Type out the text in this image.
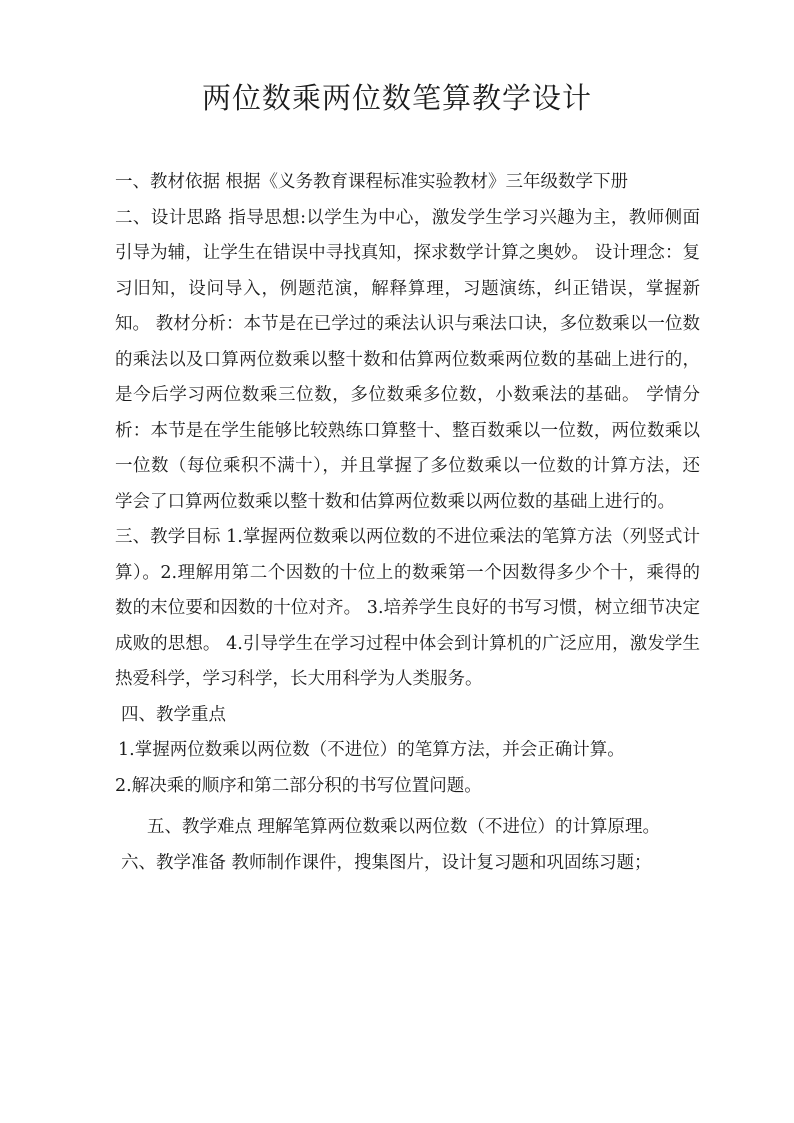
两位数乘两位数笔算教学设计

一、教材依据 根据《义务教育课程标准实验教材》三年级数学下册

二、设计思路 指导思想:以学生为中心，激发学生学习兴趣为主，教师侧面引导为辅，让学生在错误中寻找真知，探求数学计算之奥妙。 设计理念：复习旧知，设问导入，例题范演，解释算理，习题演练，纠正错误，掌握新知。 教材分析：本节是在已学过的乘法认识与乘法口诀，多位数乘以一位数的乘法以及口算两位数乘以整十数和估算两位数乘两位数的基础上进行的，是今后学习两位数乘三位数，多位数乘多位数，小数乘法的基础。 学情分析：本节是在学生能够比较熟练口算整十、整百数乘以一位数，两位数乘以一位数（每位乘积不满十），并且掌握了多位数乘以一位数的计算方法，还学会了口算两位数乘以整十数和估算两位数乘以两位数的基础上进行的。

三、教学目标 1.掌握两位数乘以两位数的不进位乘法的笔算方法（列竖式计算）。2.理解用第二个因数的十位上的数乘第一个因数得多少个十，乘得的数的末位要和因数的十位对齐。 3.培养学生良好的书写习惯，树立细节决定成败的思想。 4.引导学生在学习过程中体会到计算机的广泛应用，激发学生热爱科学，学习科学，长大用科学为人类服务。

四、教学重点

1.掌握两位数乘以两位数（不进位）的笔算方法，并会正确计算。

2.解决乘的顺序和第二部分积的书写位置问题。

五、教学难点 理解笔算两位数乘以两位数（不进位）的计算原理。

六、教学准备 教师制作课件，搜集图片，设计复习题和巩固练习题；
